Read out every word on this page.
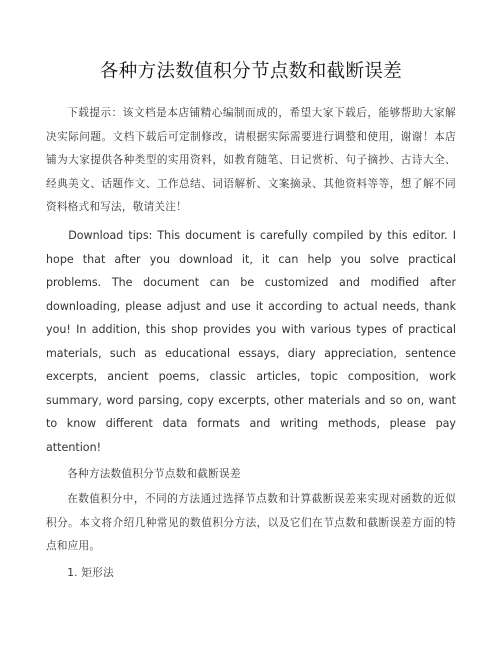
各种方法数值积分节点数和截断误差

下载提示：该文档是本店铺精心编制而成的，希望大家下载后，能够帮助大家解决实际问题。文档下载后可定制修改，请根据实际需要进行调整和使用，谢谢！本店铺为大家提供各种类型的实用资料，如教育随笔、日记赏析、句子摘抄、古诗大全、经典美文、话题作文、工作总结、词语解析、文案摘录、其他资料等等，想了解不同资料格式和写法，敬请关注！

Download tips: This document is carefully compiled by this editor. I hope that after you download it, it can help you solve practical problems. The document can be customized and modified after downloading, please adjust and use it according to actual needs, thank you! In addition, this shop provides you with various types of practical materials, such as educational essays, diary appreciation, sentence excerpts, ancient poems, classic articles, topic composition, work summary, word parsing, copy excerpts, other materials and so on, want to know different data formats and writing methods, please pay attention!

各种方法数值积分节点数和截断误差

在数值积分中，不同的方法通过选择节点数和计算截断误差来实现对函数的近似积分。本文将介绍几种常见的数值积分方法，以及它们在节点数和截断误差方面的特点和应用。

1. 矩形法
